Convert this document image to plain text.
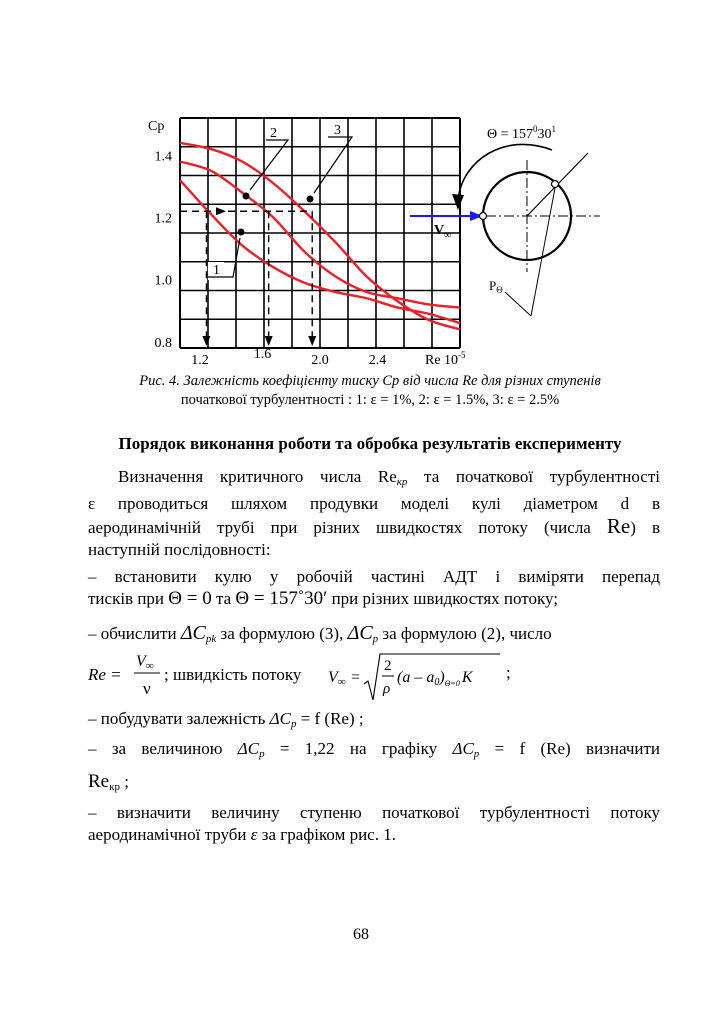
1.4
1.2
1.0
0.8
1.2	1.6	2.0	2.4
Cp
Re $10^{-5}$
1
2	3	$\Theta = 157^030^1$
$V_\infty$
$P_\Theta$
Рис. 4. Залежність коефіцієнту тиску Ср від числа Re для різних ступенів
початкової турбулентності : 1: ε = 1%, 2: ε = 1.5%, 3: ε = 2.5%
Порядок виконання роботи та обробка результатів експерименту
Визначення критичного числа $Re_{кр}$ та початкової турбулентності
ε проводиться шляхом продувки моделі кулі діаметром d в
аеродинамічній трубі при різних швидкостях потоку (числа Re) в
наступній послідовності:
– встановити кулю у робочій частині АДТ і виміряти перепад
тисків при Θ = 0 та Θ = 157˚30′ при різних швидкостях потоку;
– обчислити $\Delta C_{pk}$ за формулою (3), $\Delta C_p$ за формулою (2), число
Re =
V∞
ν
; швидкість потоку V∞ =
2
ρ
$(a - a0)_{\Theta=0}$ K ;
– побудувати залежність $\Delta C_p = f$ (Re) ;
– за величиною $\Delta C_p = 1,22$ на графіку $\Delta C_p = f$ (Re) визначити
$Re_{кр}$ ;
– визначити величину ступеню початкової турбулентності потоку
аеродинамічної труби ε за графіком рис. 1.
68
